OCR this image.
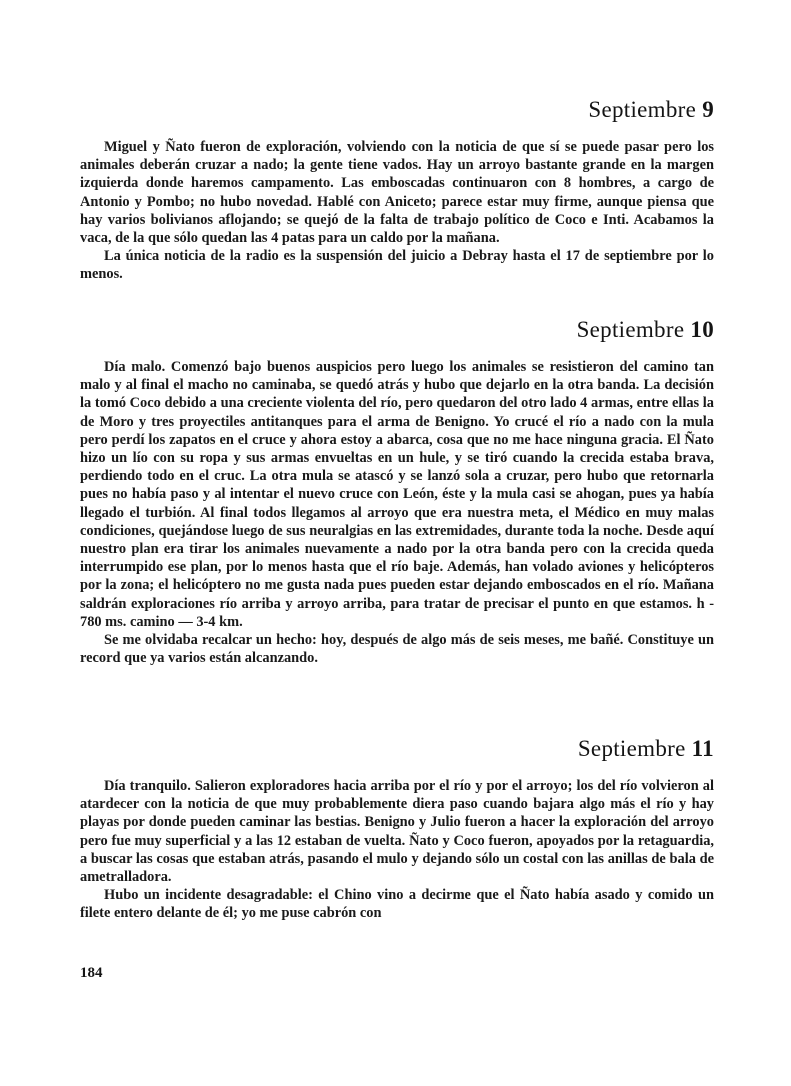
Septiembre 9

Miguel y Ñato fueron de exploración, volviendo con la noticia de que sí se puede pasar pero los animales deberán cruzar a nado; la gente tiene vados. Hay un arroyo bastante grande en la margen izquierda donde haremos campamento. Las emboscadas continuaron con 8 hombres, a cargo de Antonio y Pombo; no hubo novedad. Hablé con Aniceto; parece estar muy firme, aunque piensa que hay varios bolivianos aflojando; se quejó de la falta de trabajo político de Coco e Inti. Acabamos la vaca, de la que sólo quedan las 4 patas para un caldo por la mañana.

La única noticia de la radio es la suspensión del juicio a Debray hasta el 17 de septiembre por lo menos.

Septiembre 10

Día malo. Comenzó bajo buenos auspicios pero luego los animales se resistieron del camino tan malo y al final el macho no caminaba, se quedó atrás y hubo que dejarlo en la otra banda. La decisión la tomó Coco debido a una creciente violenta del río, pero quedaron del otro lado 4 armas, entre ellas la de Moro y tres proyectiles antitanques para el arma de Benigno. Yo crucé el río a nado con la mula pero perdí los zapatos en el cruce y ahora estoy a abarca, cosa que no me hace ninguna gracia. El Ñato hizo un lío con su ropa y sus armas envueltas en un hule, y se tiró cuando la crecida estaba brava, perdiendo todo en el cruc. La otra mula se atascó y se lanzó sola a cruzar, pero hubo que retornarla pues no había paso y al intentar el nuevo cruce con León, éste y la mula casi se ahogan, pues ya había llegado el turbión. Al final todos llegamos al arroyo que era nuestra meta, el Médico en muy malas condiciones, quejándose luego de sus neuralgias en las extremidades, durante toda la noche. Desde aquí nuestro plan era tirar los animales nuevamente a nado por la otra banda pero con la crecida queda interrumpido ese plan, por lo menos hasta que el río baje. Además, han volado aviones y helicópteros por la zona; el helicóptero no me gusta nada pues pueden estar dejando emboscados en el río. Mañana saldrán exploraciones río arriba y arroyo arriba, para tratar de precisar el punto en que estamos. h - 780 ms. camino — 3-4 km.

Se me olvidaba recalcar un hecho: hoy, después de algo más de seis meses, me bañé. Constituye un record que ya varios están alcanzando.

Septiembre 11

Día tranquilo. Salieron exploradores hacia arriba por el río y por el arroyo; los del río volvieron al atardecer con la noticia de que muy probablemente diera paso cuando bajara algo más el río y hay playas por donde pueden caminar las bestias. Benigno y Julio fueron a hacer la exploración del arroyo pero fue muy superficial y a las 12 estaban de vuelta. Ñato y Coco fueron, apoyados por la retaguardia, a buscar las cosas que estaban atrás, pasando el mulo y dejando sólo un costal con las anillas de bala de ametralladora.

Hubo un incidente desagradable: el Chino vino a decirme que el Ñato había asado y comido un filete entero delante de él; yo me puse cabrón con

184
